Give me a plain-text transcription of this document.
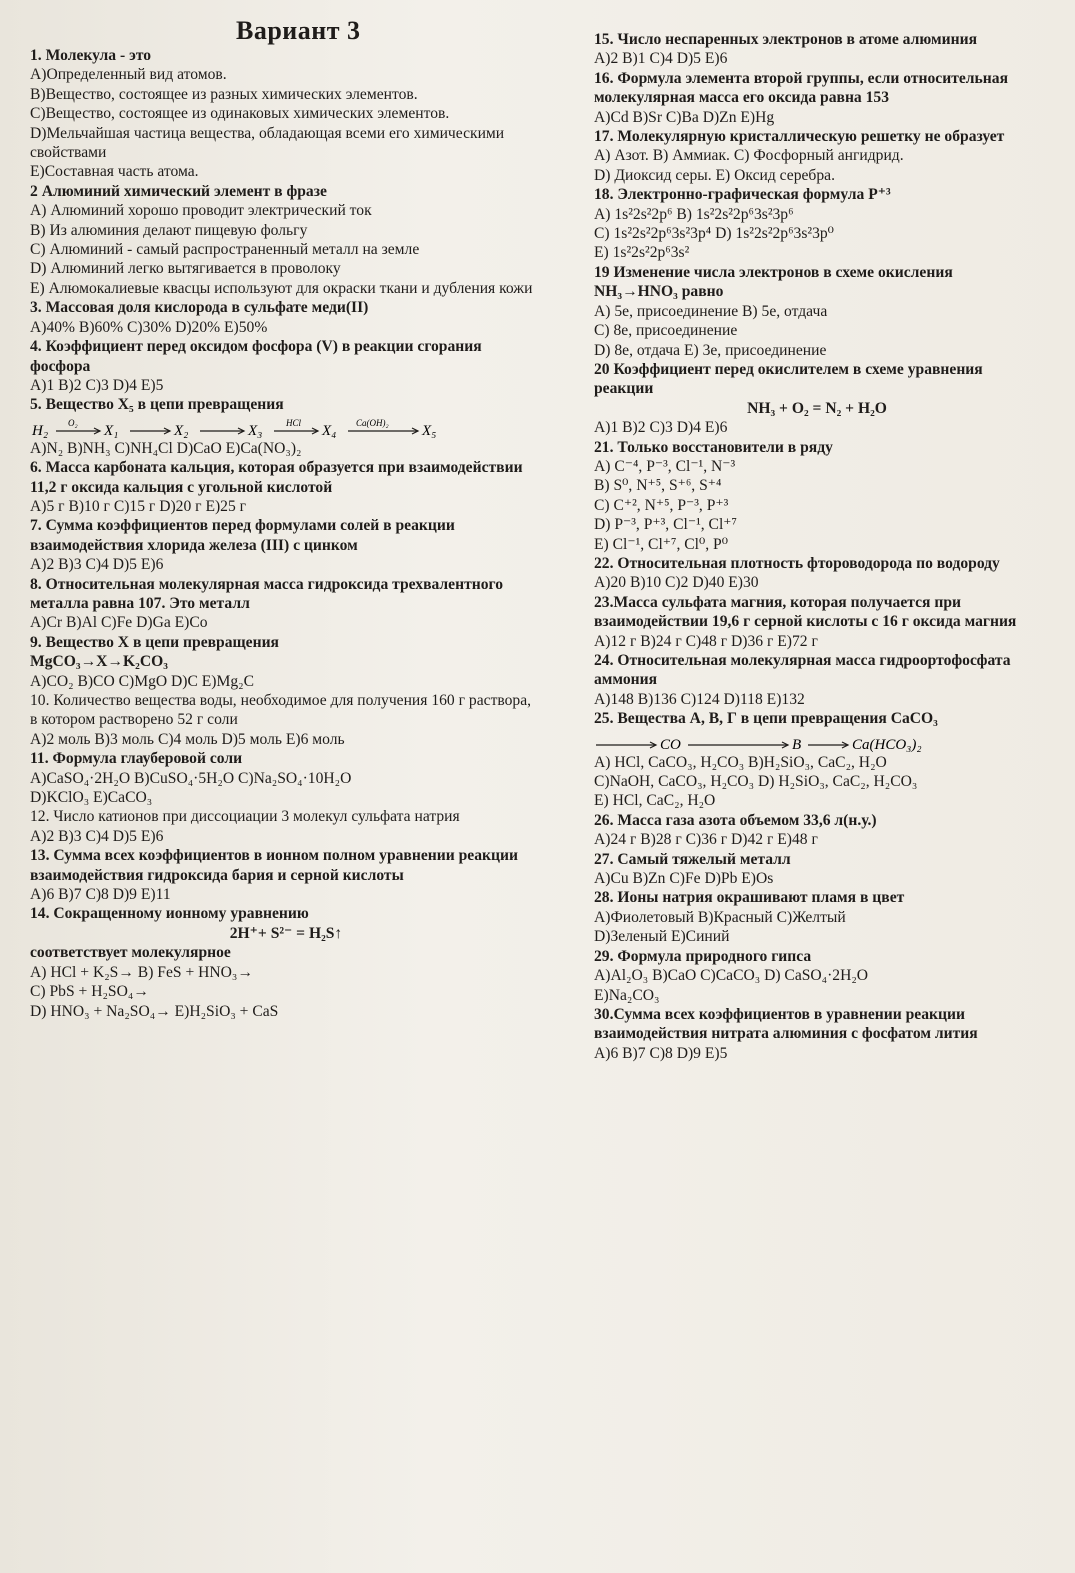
Вариант 3
1. Молекула - это
A)Определенный вид атомов.
B)Вещество, состоящее из разных химических элементов.
C)Вещество, состоящее из одинаковых химических элементов.
D)Мельчайшая частица вещества, обладающая всеми его химическими свойствами
E)Составная часть атома.
2 Алюминий химический элемент в фразе
A) Алюминий хорошо проводит электрический ток
B) Из алюминия делают пищевую фольгу
C) Алюминий - самый распространенный металл на земле
D) Алюминий легко вытягивается в проволоку
E) Алюмокалиевые квасцы используют для окраски ткани и дубления кожи
3. Массовая доля кислорода в сульфате меди(II)
A)40% B)60% C)30% D)20% E)50%
4. Коэффициент перед оксидом фосфора (V) в реакции сгорания фосфора
A)1 B)2 C)3 D)4 E)5
5. Вещество X₅ в цепи превращения
H₂ O₂ X₁	X₂	X₃	HCl X₄ Ca(OH)₂ X₅
A)N₂ B)NH₃ C)NH₄Cl D)CaO E)Ca(NO₃)₂
6. Масса карбоната кальция, которая образуется при взаимодействии 11,2 г оксида кальция с угольной кислотой
A)5 г B)10 г C)15 г D)20 г E)25 г
7. Сумма коэффициентов перед формулами солей в реакции взаимодействия хлорида железа (III) с цинком
A)2 B)3 C)4 D)5 E)6
8. Относительная молекулярная масса гидроксида трехвалентного металла равна 107. Это металл
A)Cr B)Al C)Fe D)Ga E)Co
9. Вещество X в цепи превращения
MgCO₃→X→K₂CO₃
A)CO₂ B)CO C)MgO D)C E)Mg₂C
10. Количество вещества воды, необходимое для получения 160 г раствора, в котором растворено 52 г соли
A)2 моль B)3 моль C)4 моль D)5 моль E)6 моль
11. Формула глауберовой соли
A)CaSO₄·2H₂O B)CuSO₄·5H₂O C)Na₂SO₄·10H₂O
D)KClO₃ E)CaCO₃
12. Число катионов при диссоциации 3 молекул сульфата натрия
A)2 B)3 C)4 D)5 E)6
13. Сумма всех коэффициентов в ионном полном уравнении реакции взаимодействия гидроксида бария и серной кислоты
A)6 B)7 C)8 D)9 E)11
14. Сокращенному ионному уравнению
2H⁺+ S²⁻ = H₂S↑
соответствует молекулярное
A) HCl + K₂S→ B) FeS + HNO₃→
C) PbS + H₂SO₄→
D) HNO₃ + Na₂SO₄→ E)H₂SiO₃ + CaS
15. Число неспаренных электронов в атоме алюминия
A)2 B)1 C)4 D)5 E)6
16. Формула элемента второй группы, если относительная молекулярная масса его оксида равна 153
A)Cd B)Sr C)Ba D)Zn E)Hg
17. Молекулярную кристаллическую решетку не образует
A) Азот. B) Аммиак. C) Фосфорный ангидрид.
D) Диоксид серы. E) Оксид серебра.
18. Электронно-графическая формула P⁺³
A) 1s²2s²2p⁶ B) 1s²2s²2p⁶3s²3p⁶
C) 1s²2s²2p⁶3s²3p⁴ D) 1s²2s²2p⁶3s²3p⁰
E) 1s²2s²2p⁶3s²
19 Изменение числа электронов в схеме окисления NH₃→HNO₃ равно
A) 5e, присоединение B) 5e, отдача
C) 8e, присоединение
D) 8e, отдача E) 3e, присоединение
20 Коэффициент перед окислителем в схеме уравнения реакции
NH₃ + O₂ = N₂ + H₂O
A)1 B)2 C)3 D)4 E)6
21. Только восстановители в ряду
A) C⁻⁴, P⁻³, Cl⁻¹, N⁻³
B) S⁰, N⁺⁵, S⁺⁶, S⁺⁴
C) C⁺², N⁺⁵, P⁻³, P⁺³
D) P⁻³, P⁺³, Cl⁻¹, Cl⁺⁷
E) Cl⁻¹, Cl⁺⁷, Cl⁰, P⁰
22. Относительная плотность фтороводорода по водороду
A)20 B)10 C)2 D)40 E)30
23.Масса сульфата магния, которая получается при взаимодействии 19,6 г серной кислоты с 16 г оксида магния
A)12 г B)24 г C)48 г D)36 г E)72 г
24. Относительная молекулярная масса гидроортофосфата аммония
A)148 B)136 C)124 D)118 E)132
25. Вещества A, B, Г в цепи превращения CaCO₃
CO	B	Ca(HCO₃)₂
A) HCl, CaCO₃, H₂CO₃ B)H₂SiO₃, CaC₂, H₂O
C)NaOH, CaCO₃, H₂CO₃ D) H₂SiO₃, CaC₂, H₂CO₃
E) HCl, CaC₂, H₂O
26. Масса газа азота объемом 33,6 л(н.у.)
A)24 г B)28 г C)36 г D)42 г E)48 г
27. Самый тяжелый металл
A)Cu B)Zn C)Fe D)Pb E)Os
28. Ионы натрия окрашивают пламя в цвет
A)Фиолетовый B)Красный C)Желтый
D)Зеленый E)Синий
29. Формула природного гипса
A)Al₂O₃ B)CaO C)CaCO₃ D) CaSO₄·2H₂O
E)Na₂CO₃
30.Сумма всех коэффициентов в уравнении реакции взаимодействия нитрата алюминия с фосфатом лития
A)6 B)7 C)8 D)9 E)5
